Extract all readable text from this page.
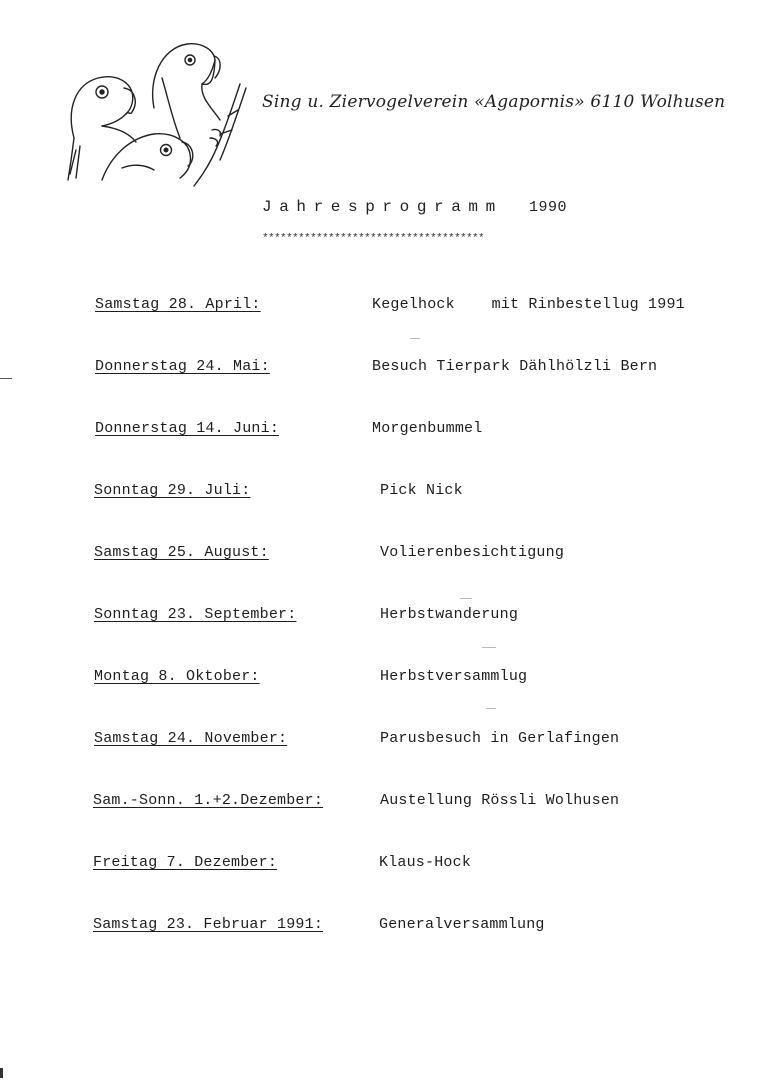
Sing u. Ziervogelverein «Agapornis» 6110 Wolhusen
Jahresprogramm 1990
*************************************
Samstag 28. April:	Kegelhock    mit Rinbestellug 1991
Donnerstag 24. Mai:	Besuch Tierpark Dählhölzli Bern
Donnerstag 14. Juni:	Morgenbummel
Sonntag 29. Juli:	Pick Nick
Samstag 25. August:	Volierenbesichtigung
Sonntag 23. September:	Herbstwanderung
Montag 8. Oktober:	Herbstversammlug
Samstag 24. November:	Parusbesuch in Gerlafingen
Sam.-Sonn. 1.+2.Dezember:	Austellung Rössli Wolhusen
Freitag 7. Dezember:	Klaus-Hock
Samstag 23. Februar 1991:	Generalversammlung
